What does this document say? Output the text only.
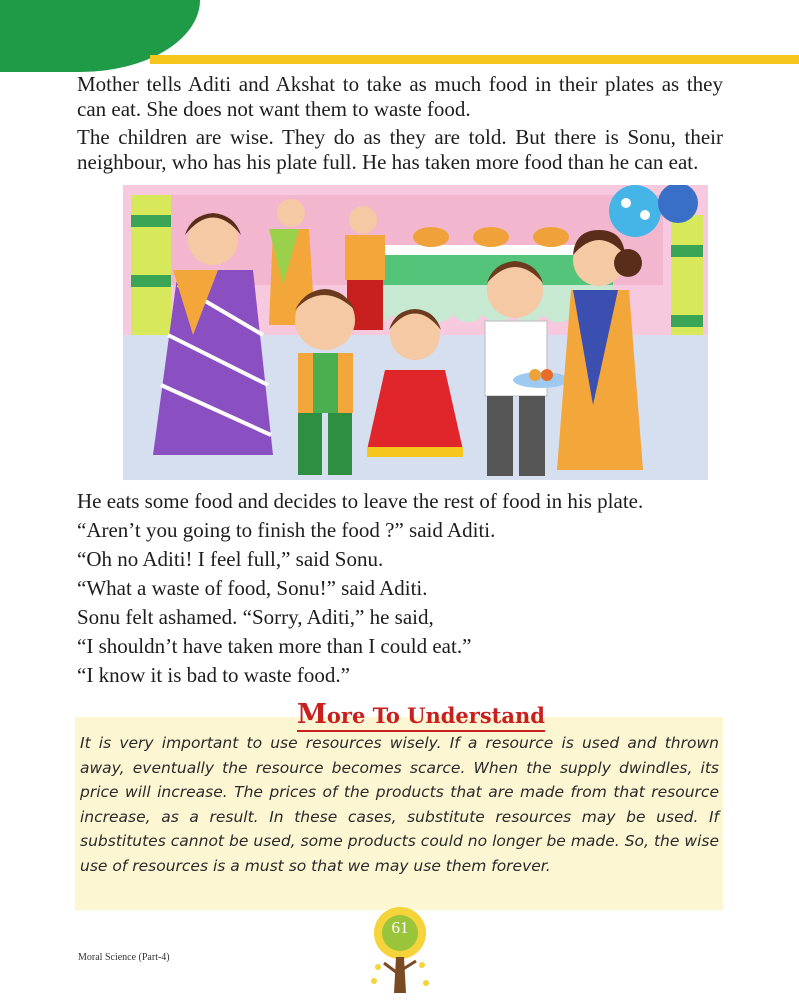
Mother tells Aditi and Akshat to take as much food in their plates as they can eat. She does not want them to waste food.

The children are wise. They do as they are told. But there is Sonu, their neighbour, who has his plate full. He has taken more food than he can eat.

He eats some food and decides to leave the rest of food in his plate.

“Aren’t you going to finish the food ?” said Aditi.

“Oh no Aditi! I feel full,” said Sonu.

“What a waste of food, Sonu!” said Aditi.

Sonu felt ashamed. “Sorry, Aditi,” he said,

“I shouldn’t have taken more than I could eat.”

“I know it is bad to waste food.”

It is very important to use resources wisely. If a resource is used and thrown away, eventually the resource becomes scarce. When the supply dwindles, its price will increase. The prices of the products that are made from that resource increase, as a result. In these cases, substitute resources may be used. If substitutes cannot be used, some products could no longer be made. So, the wise use of resources is a must so that we may use them forever.

More To Understand
Moral Science (Part-4)
61
